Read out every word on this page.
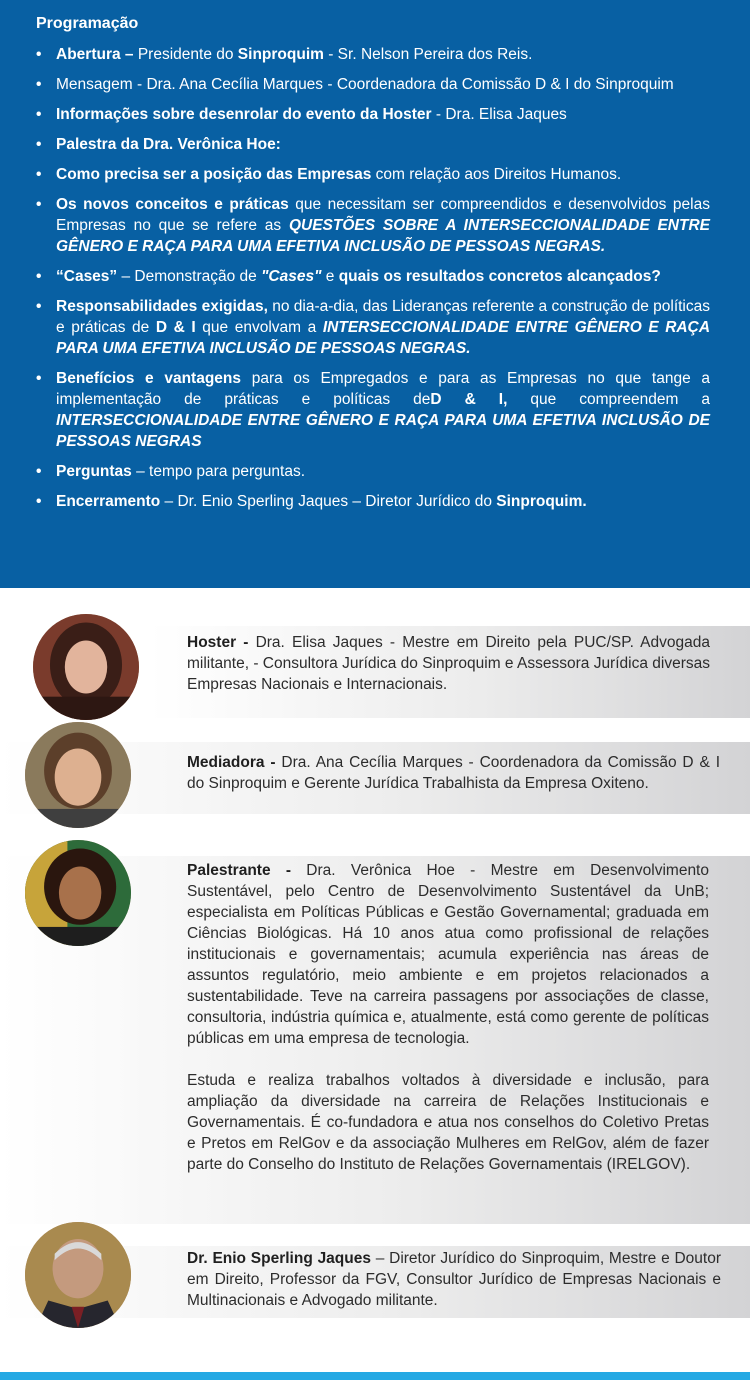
Programação
• Abertura – Presidente do Sinproquim - Sr. Nelson Pereira dos Reis.
• Mensagem - Dra. Ana Cecília Marques - Coordenadora da Comissão D & I do Sinproquim
• Informações sobre desenrolar do evento da Hoster - Dra. Elisa Jaques
• Palestra da Dra. Verônica Hoe:
• Como precisa ser a posição das Empresas com relação aos Direitos Humanos.
• Os novos conceitos e práticas que necessitam ser compreendidos e desenvolvidos pelas Empresas no que se refere as QUESTÕES SOBRE A INTERSECCIONALIDADE ENTRE GÊNERO E RAÇA PARA UMA EFETIVA INCLUSÃO DE PESSOAS NEGRAS.
• “Cases” – Demonstração de "Cases" e quais os resultados concretos alcançados?
• Responsabilidades exigidas, no dia-a-dia, das Lideranças referente a construção de políticas e práticas de D & I que envolvam a INTERSECCIONALIDADE ENTRE GÊNERO E RAÇA PARA UMA EFETIVA INCLUSÃO DE PESSOAS NEGRAS.
• Benefícios e vantagens para os Empregados e para as Empresas no que tange a implementação de práticas e políticas deD & I, que compreendem a INTERSECCIONALIDADE ENTRE GÊNERO E RAÇA PARA UMA EFETIVA INCLUSÃO DE PESSOAS NEGRAS
• Perguntas – tempo para perguntas.
• Encerramento – Dr. Enio Sperling Jaques – Diretor Jurídico do Sinproquim.
Hoster - Dra. Elisa Jaques - Mestre em Direito pela PUC/SP. Advogada militante, - Consultora Jurídica do Sinproquim e Assessora Jurídica diversas Empresas Nacionais e Internacionais.
Mediadora - Dra. Ana Cecília Marques - Coordenadora da Comissão D & I do Sinproquim e Gerente Jurídica Trabalhista da Empresa Oxiteno.

Palestrante - Dra. Verônica Hoe - Mestre em Desenvolvimento Sustentável, pelo Centro de Desenvolvimento Sustentável da UnB; especialista em Políticas Públicas e Gestão Governamental; graduada em Ciências Biológicas. Há 10 anos atua como profissional de relações institucionais e governamentais; acumula experiência nas áreas de assuntos regulatório, meio ambiente e em projetos relacionados a sustentabilidade. Teve na carreira passagens por associações de classe, consultoria, indústria química e, atualmente, está como gerente de políticas públicas em uma empresa de tecnologia.

Estuda e realiza trabalhos voltados à diversidade e inclusão, para ampliação da diversidade na carreira de Relações Institucionais e Governamentais. É co-fundadora e atua nos conselhos do Coletivo Pretas e Pretos em RelGov e da associação Mulheres em RelGov, além de fazer parte do Conselho do Instituto de Relações Governamentais (IRELGOV).

Dr. Enio Sperling Jaques – Diretor Jurídico do Sinproquim, Mestre e Doutor em Direito, Professor da FGV, Consultor Jurídico de Empresas Nacionais e Multinacionais e Advogado militante.
